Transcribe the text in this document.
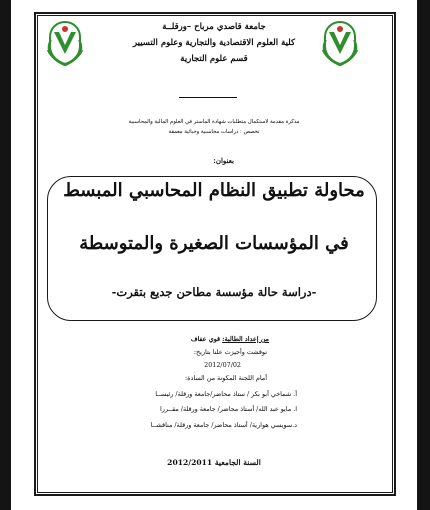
جامعة قاصدي مرباح –ورقلــة
كلية العلوم الاقتصادية والتجارية وعلوم التسيير
قسم علوم التجارية
مذكرة مقدمة لاستكمال متطلبات شهادة الماستر في العلوم المالية والمحاسبية
تخصص : دراسات محاسبية وجبائية معمقة
بعنوان:
محاولة تطبيق النظام المحاسبي المبسط
في المؤسسات الصغيرة والمتوسطة
-دراسة حالة مؤسسة مطاحن جديع بتقرت-
من إعداد الطالبة: قوي عفاف
نوقشت وأجيزت علنا بتاريخ:
2012/07/02
أمام اللجنة المكونة من السادة:
أ. شماخي أبو بكر / ستاذ محاضر/جامعة ورقلة/ رئيســا
ا. مايو عبد الله/ أستاذ محاضر/ جامعة ورقلة/ مقــررا
د.سويسي هوارية/ أستاذ محاضر/ جامعة ورقلة/ مناقشــا
السنة الجامعية 2012/2011
